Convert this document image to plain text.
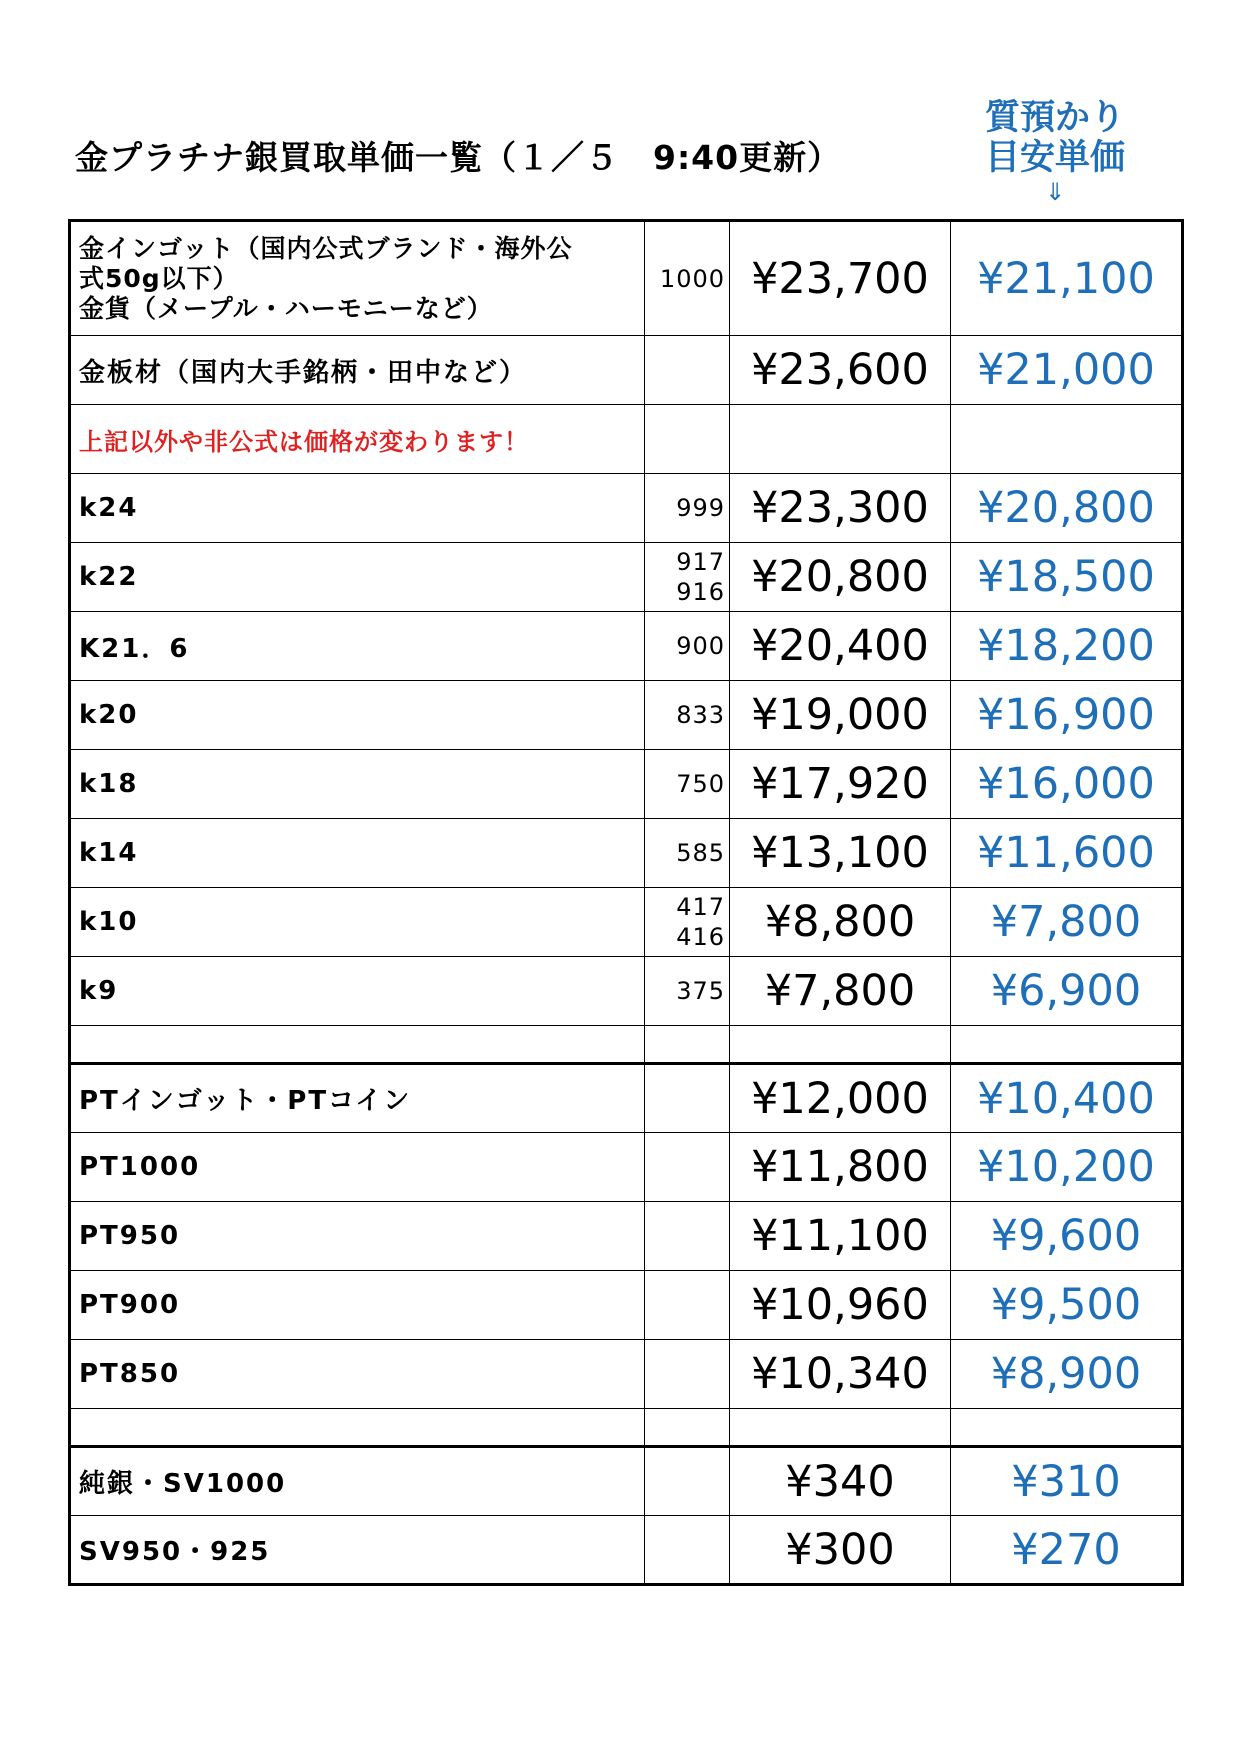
金プラチナ銀買取単価一覧（１／５　9:40更新）
質預かり
目安単価
⇓
金インゴット（国内公式ブランド・海外公
式50g以下）
金貨（メープル・ハーモニーなど）	1000	¥23,700	¥21,100

金板材（国内大手銘柄・田中など）		¥23,600	¥21,000
上記以外や非公式は価格が変わります！			

k24	999	¥23,300	¥20,800

k22	917
916	¥20,800	¥18,500

K21．6	900	¥20,400	¥18,200

k20	833	¥19,000	¥16,900

k18	750	¥17,920	¥16,000

k14	585	¥13,100	¥11,600

k10	417
416	¥8,800	¥7,800

k9	375	¥7,800	¥6,900

PTインゴット・PTコイン		¥12,000	¥10,400

PT1000		¥11,800	¥10,200

PT950		¥11,100	¥9,600

PT900		¥10,960	¥9,500

PT850		¥10,340	¥8,900

純銀・SV1000		¥340	¥310

SV950・925		¥300	¥270
